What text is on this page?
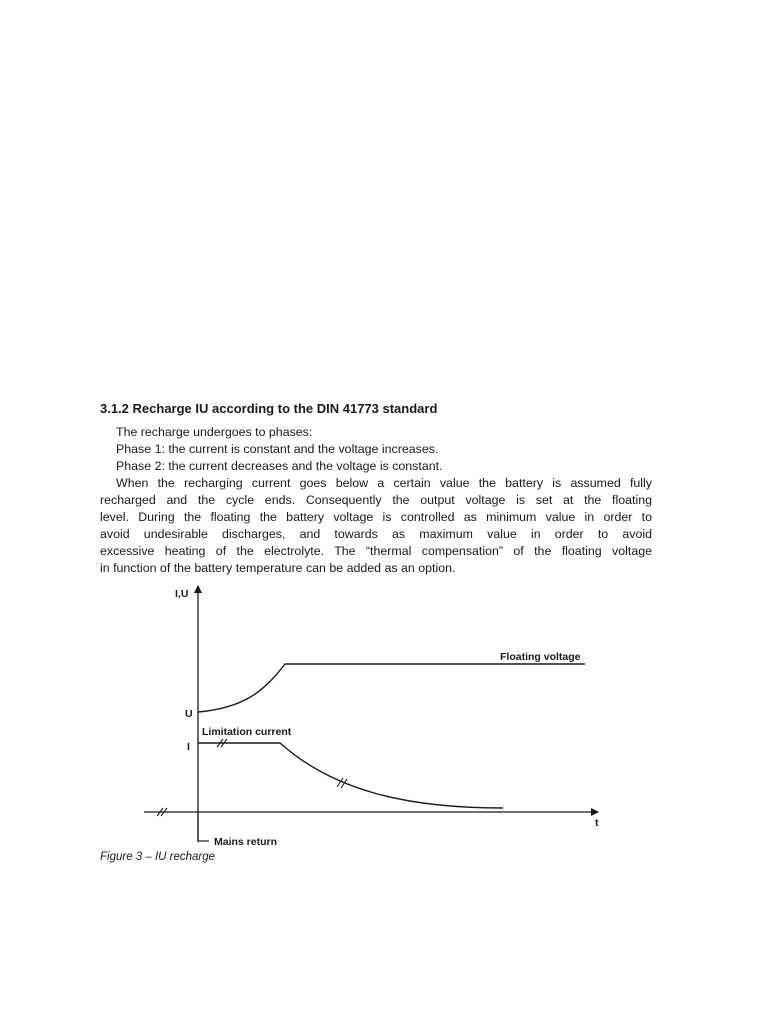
3.1.2 Recharge IU according to the DIN 41773 standard
The recharge undergoes to phases:
Phase 1: the current is constant and the voltage increases.
Phase 2: the current decreases and the voltage is constant.
When the recharging current goes below a certain value the battery is assumed fully
recharged and the cycle ends. Consequently the output voltage is set at the floating
level. During the floating the battery voltage is controlled as minimum value in order to
avoid undesirable discharges, and towards as maximum value in order to avoid
excessive heating of the electrolyte. The “thermal compensation” of the floating voltage
in function of the battery temperature can be added as an option.
Mains return
I,U
t
U
I
Floating voltage
Limitation current

Figure 3 – IU recharge
